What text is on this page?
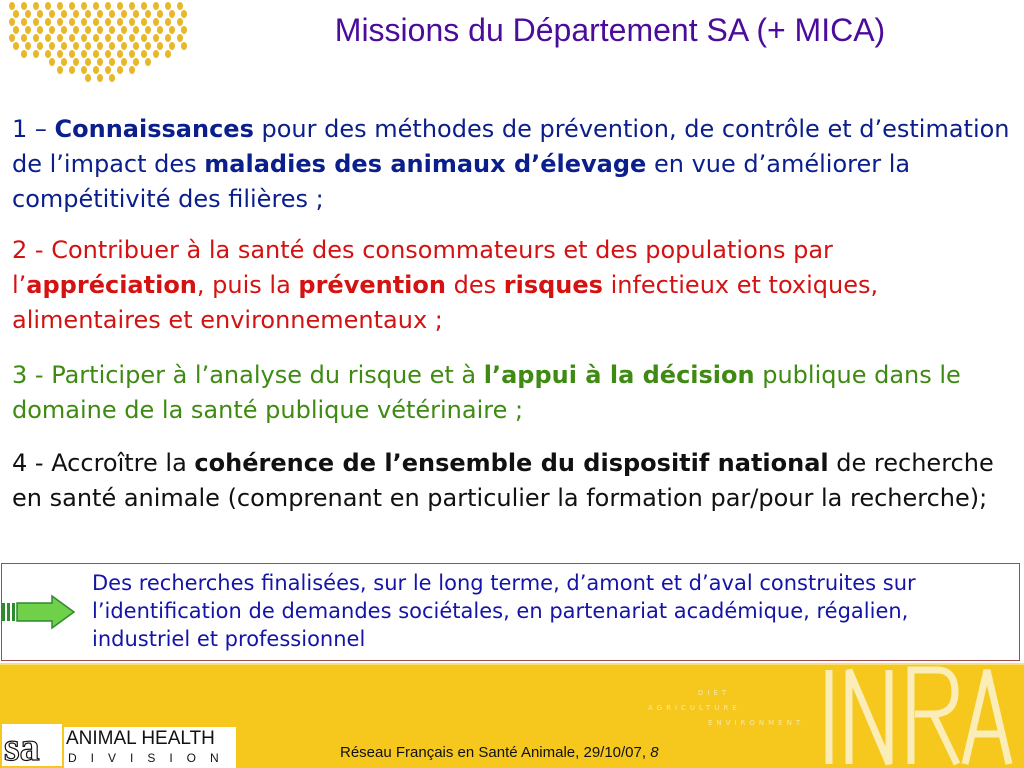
Missions du Département SA (+ MICA)

1 – Connaissances pour des méthodes de prévention, de contrôle et d’estimation de l’impact des maladies des animaux d’élevage en vue d’améliorer la compétitivité des filières ;

2 - Contribuer à la santé des consommateurs et des populations par l’appréciation, puis la prévention des risques infectieux et toxiques, alimentaires et environnementaux ;

3 - Participer à l’analyse du risque et à l’appui à la décision publique dans le domaine de la santé publique vétérinaire ;

4 - Accroître la cohérence de l’ensemble du dispositif national de recherche en santé animale (comprenant en particulier la formation par/pour la recherche);

Des recherches finalisées, sur le long terme, d’amont et d’aval construites sur l’identification de demandes sociétales, en partenariat académique, régalien, industriel et professionnel

DIET
AGRICULTURE
ENVIRONMENT
sa ANIMAL HEALTH
DIVISION	Réseau Français en Santé Animale, 29/10/07, 8
